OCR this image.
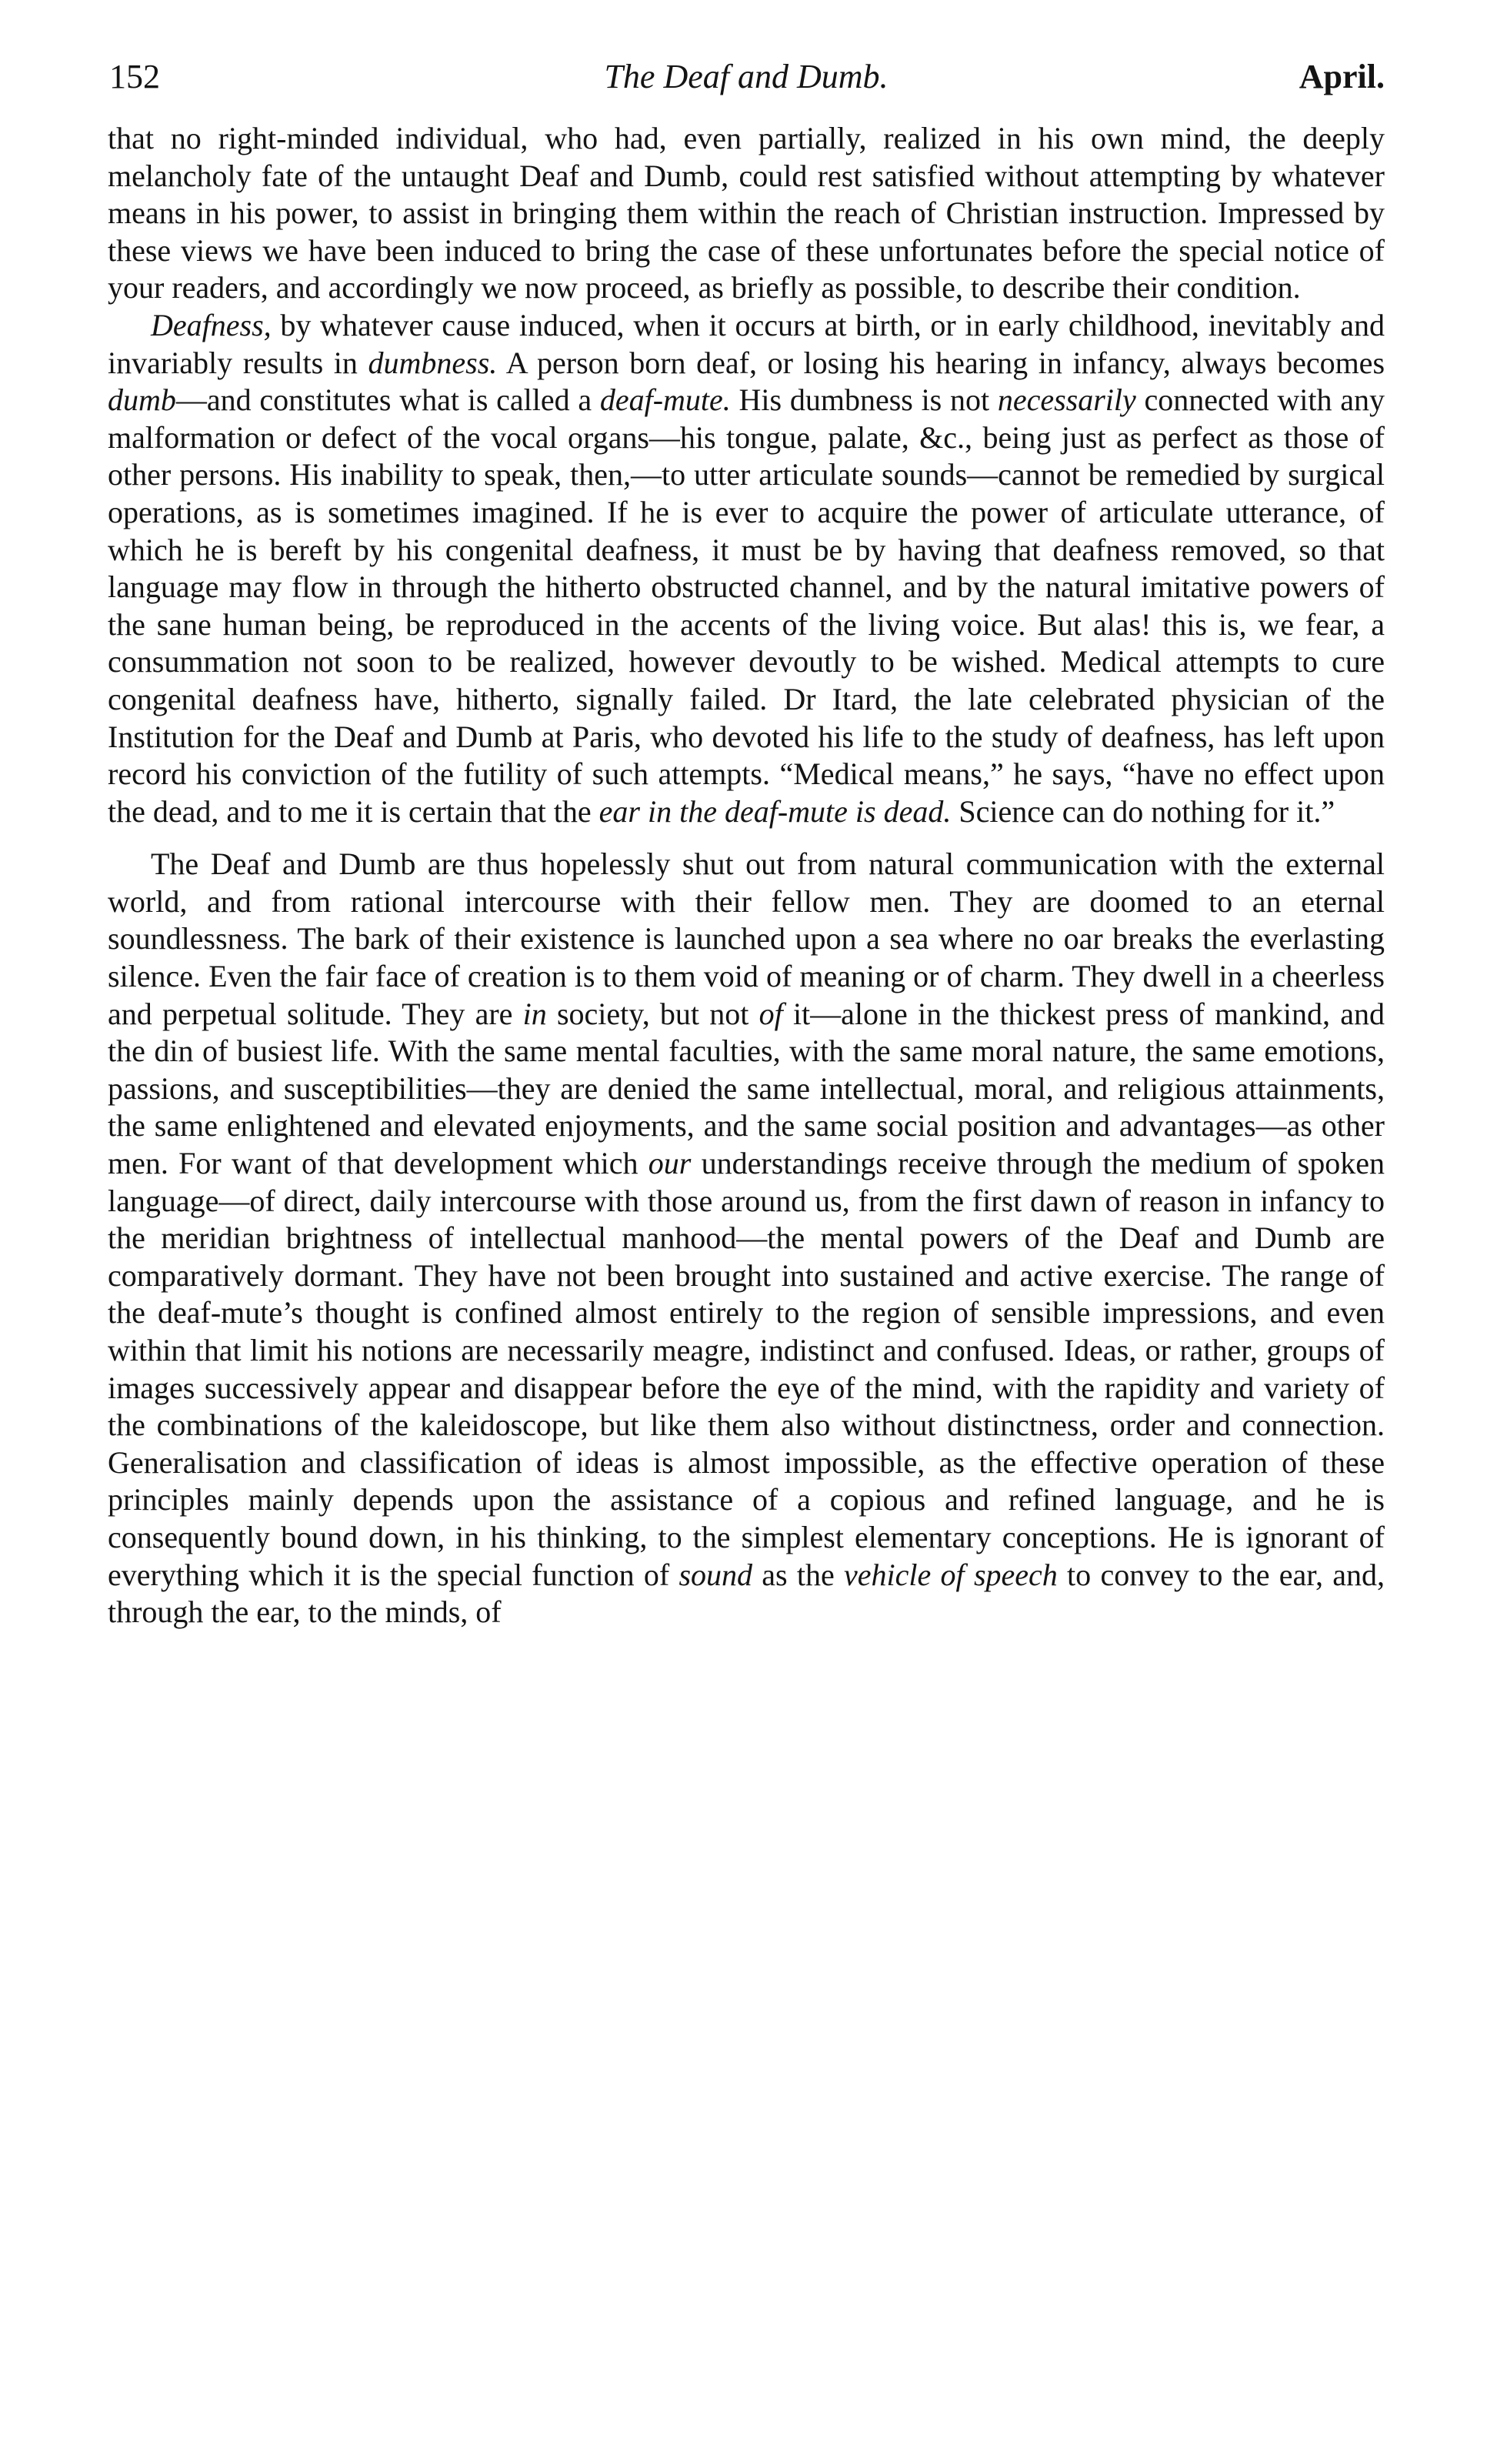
152	The Deaf and Dumb.	April.

that no right-minded individual, who had, even partially, realized in his own mind, the deeply melancholy fate of the untaught Deaf and Dumb, could rest satisfied without attempting by whatever means in his power, to assist in bringing them within the reach of Christian instruction. Impressed by these views we have been induced to bring the case of these unfortunates before the special notice of your readers, and accordingly we now proceed, as briefly as possible, to describe their condition.

Deafness, by whatever cause induced, when it occurs at birth, or in early childhood, inevitably and invariably results in dumbness. A person born deaf, or losing his hearing in infancy, always becomes dumb—and constitutes what is called a deaf-mute. His dumbness is not necessarily connected with any malformation or defect of the vocal organs—his tongue, palate, &c., being just as perfect as those of other persons. His inability to speak, then,—to utter articulate sounds—cannot be remedied by surgical operations, as is sometimes imagined. If he is ever to acquire the power of articulate utterance, of which he is bereft by his congenital deafness, it must be by having that deafness removed, so that language may flow in through the hitherto obstructed channel, and by the natural imitative powers of the sane human being, be reproduced in the accents of the living voice. But alas! this is, we fear, a consummation not soon to be realized, however devoutly to be wished. Medical attempts to cure congenital deafness have, hitherto, signally failed. Dr Itard, the late celebrated physician of the Institution for the Deaf and Dumb at Paris, who devoted his life to the study of deafness, has left upon record his conviction of the futility of such attempts. “Medical means,” he says, “have no effect upon the dead, and to me it is certain that the ear in the deaf-mute is dead. Science can do nothing for it.”

The Deaf and Dumb are thus hopelessly shut out from natural communication with the external world, and from rational intercourse with their fellow men. They are doomed to an eternal soundlessness. The bark of their existence is launched upon a sea where no oar breaks the everlasting silence. Even the fair face of creation is to them void of meaning or of charm. They dwell in a cheerless and perpetual solitude. They are in society, but not of it—alone in the thickest press of mankind, and the din of busiest life. With the same mental faculties, with the same moral nature, the same emotions, passions, and susceptibilities—they are denied the same intellectual, moral, and religious attainments, the same enlightened and elevated enjoyments, and the same social position and advantages—as other men. For want of that development which our understandings receive through the medium of spoken language—of direct, daily intercourse with those around us, from the first dawn of reason in infancy to the meridian brightness of intellectual manhood—the mental powers of the Deaf and Dumb are comparatively dormant. They have not been brought into sustained and active exercise. The range of the deaf-mute’s thought is confined almost entirely to the region of sensible impressions, and even within that limit his notions are necessarily meagre, indistinct and confused. Ideas, or rather, groups of images successively appear and disappear before the eye of the mind, with the rapidity and variety of the combinations of the kaleidoscope, but like them also without distinctness, order and connection. Generalisation and classification of ideas is almost impossible, as the effective operation of these principles mainly depends upon the assistance of a copious and refined language, and he is consequently bound down, in his thinking, to the simplest elementary conceptions. He is ignorant of everything which it is the special function of sound as the vehicle of speech to convey to the ear, and, through the ear, to the minds, of
